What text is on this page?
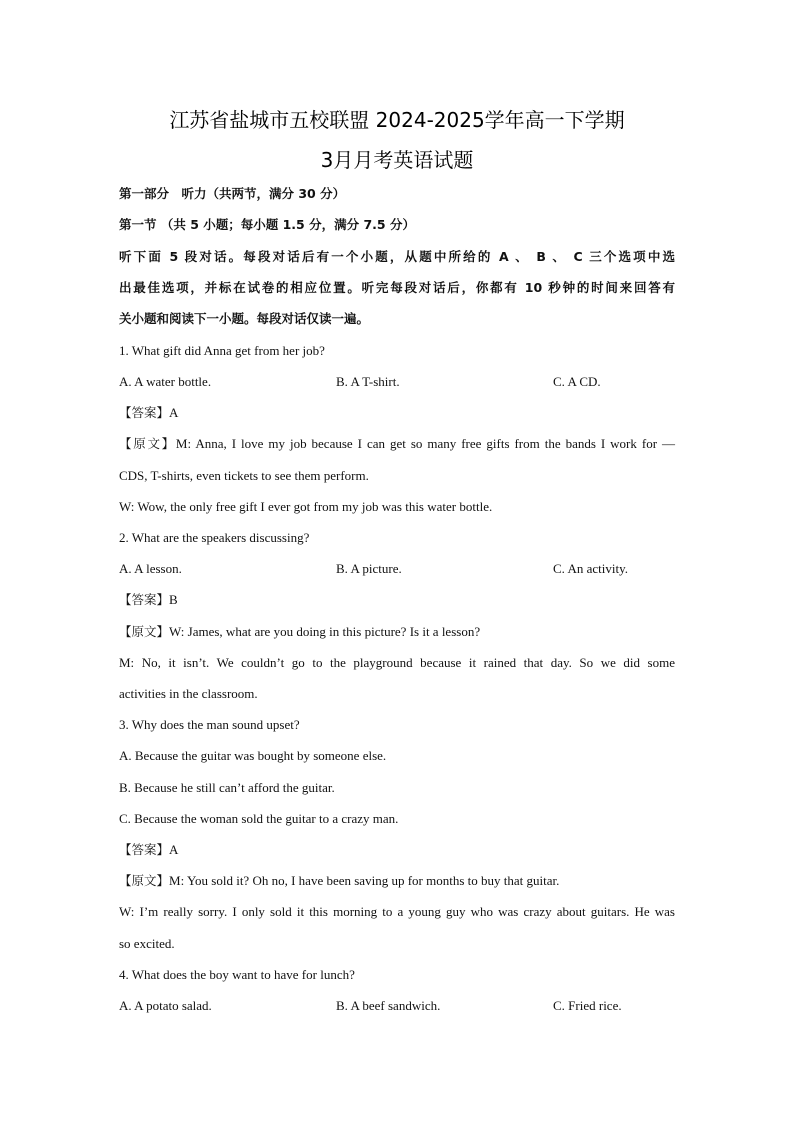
江苏省盐城市五校联盟 2024-2025学年高一下学期
3月月考英语试题
第一部分　听力（共两节，满分 30 分）
第一节 （共 5 小题；每小题 1.5 分，满分 7.5 分）
听下面 5 段对话。每段对话后有一个小题，从题中所给的 A 、 B 、 C 三个选项中选
出最佳选项，并标在试卷的相应位置。听完每段对话后，你都有 10 秒钟的时间来回答有
关小题和阅读下一小题。每段对话仅读一遍。
1. What gift did Anna get from her job?
A. A water bottle.	B. A T-shirt.	C. A CD.
【答案】A
【原文】M: Anna, I love my job because I can get so many free gifts from the bands I work for —
CDS, T-shirts, even tickets to see them perform.
W: Wow, the only free gift I ever got from my job was this water bottle.
2. What are the speakers discussing?
A. A lesson.	B. A picture.	C. An activity.
【答案】B
【原文】W: James, what are you doing in this picture? Is it a lesson?
M: No, it isn’t. We couldn’t go to the playground because it rained that day. So we did some
activities in the classroom.
3. Why does the man sound upset?
A. Because the guitar was bought by someone else.
B. Because he still can’t afford the guitar.
C. Because the woman sold the guitar to a crazy man.
【答案】A
【原文】M: You sold it? Oh no, I have been saving up for months to buy that guitar.
W: I’m really sorry. I only sold it this morning to a young guy who was crazy about guitars. He was
so excited.
4. What does the boy want to have for lunch?
A. A potato salad.	B. A beef sandwich.	C. Fried rice.
